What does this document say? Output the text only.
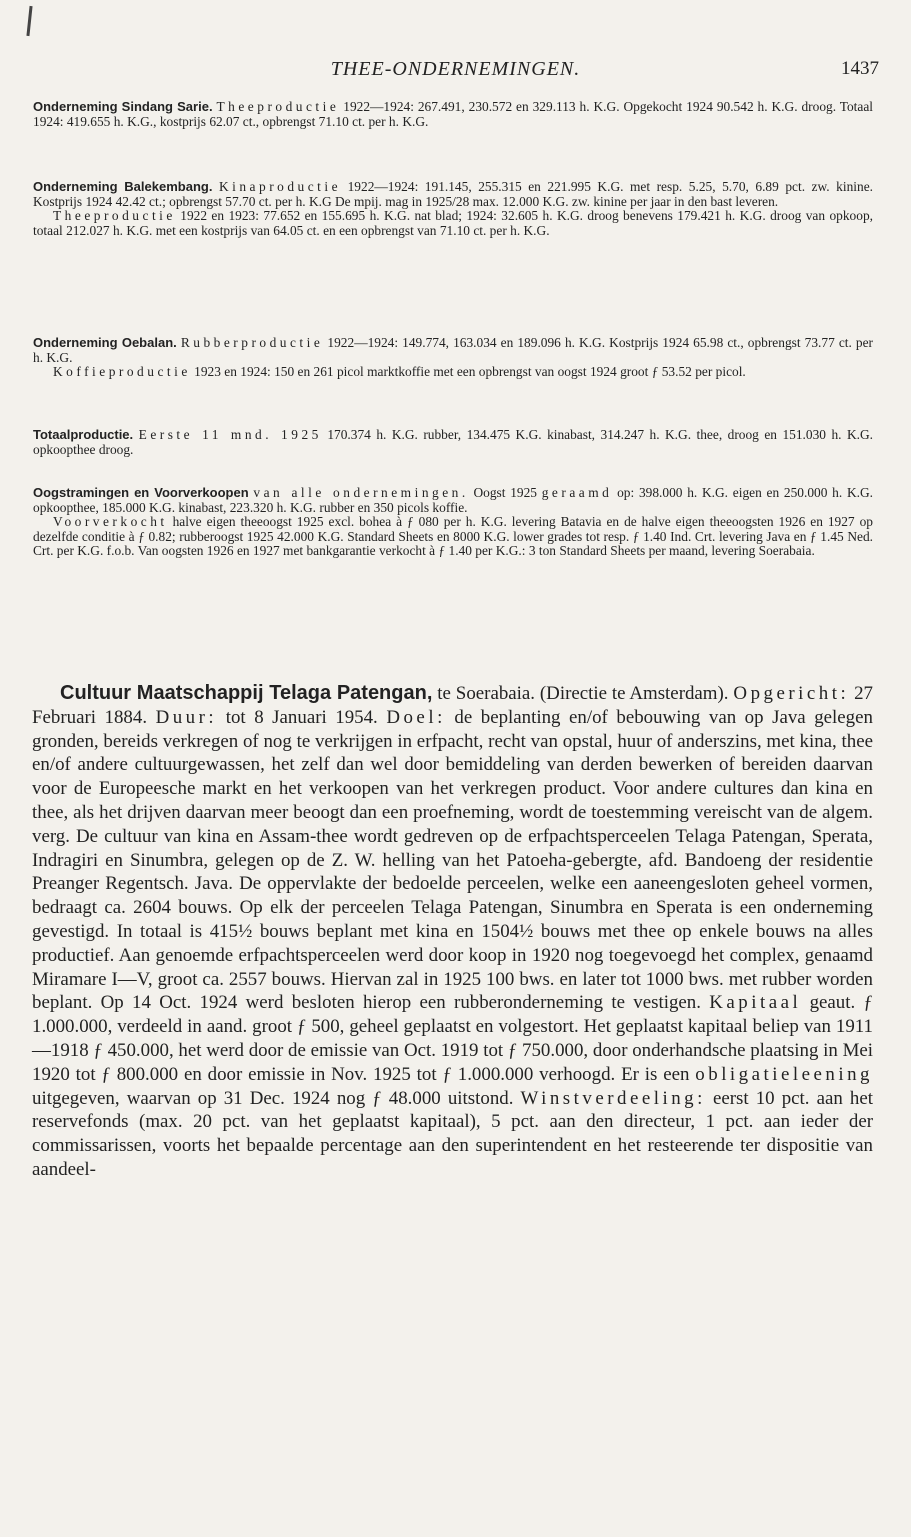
THEE-ONDERNEMINGEN.	1437

Onderneming Sindang Sarie. Theeproductie 1922—1924: 267.491, 230.572 en 329.113 h. K.G. Opgekocht 1924 90.542 h. K.G. droog. Totaal 1924: 419.655 h. K.G., kostprijs 62.07 ct., opbrengst 71.10 ct. per h. K.G.

Onderneming Balekembang. Kinaproductie 1922—1924: 191.145, 255.315 en 221.995 K.G. met resp. 5.25, 5.70, 6.89 pct. zw. kinine. Kostprijs 1924 42.42 ct.; opbrengst 57.70 ct. per h. K.G De mpij. mag in 1925/28 max. 12.000 K.G. zw. kinine per jaar in den bast leveren.

Theeproductie 1922 en 1923: 77.652 en 155.695 h. K.G. nat blad; 1924: 32.605 h. K.G. droog benevens 179.421 h. K.G. droog van opkoop, totaal 212.027 h. K.G. met een kostprijs van 64.05 ct. en een opbrengst van 71.10 ct. per h. K.G.

Onderneming Oebalan. Rubberproductie 1922—1924: 149.774, 163.034 en 189.096 h. K.G. Kostprijs 1924 65.98 ct., opbrengst 73.77 ct. per h. K.G.

Koffieproductie 1923 en 1924: 150 en 261 picol marktkoffie met een opbrengst van oogst 1924 groot ƒ 53.52 per picol.

Totaalproductie. Eerste 11 mnd. 1925 170.374 h. K.G. rubber, 134.475 K.G. kinabast, 314.247 h. K.G. thee, droog en 151.030 h. K.G. opkoopthee droog.

Oogstramingen en Voorverkoopen van alle ondernemingen. Oogst 1925 geraamd op: 398.000 h. K.G. eigen en 250.000 h. K.G. opkoopthee, 185.000 K.G. kinabast, 223.320 h. K.G. rubber en 350 picols koffie.

Voorverkocht halve eigen theeoogst 1925 excl. bohea à ƒ 080 per h. K.G. levering Batavia en de halve eigen theeoogsten 1926 en 1927 op dezelfde conditie à ƒ 0.82; rubberoogst 1925 42.000 K.G. Standard Sheets en 8000 K.G. lower grades tot resp. ƒ 1.40 Ind. Crt. levering Java en ƒ 1.45 Ned. Crt. per K.G. f.o.b. Van oogsten 1926 en 1927 met bankgarantie verkocht à ƒ 1.40 per K.G.: 3 ton Standard Sheets per maand, levering Soerabaia.

Cultuur Maatschappij Telaga Patengan, te Soerabaia. (Directie te Amsterdam). Opgericht: 27 Februari 1884. Duur: tot 8 Januari 1954. Doel: de beplanting en/of bebouwing van op Java gelegen gronden, bereids verkregen of nog te verkrijgen in erfpacht, recht van opstal, huur of anderszins, met kina, thee en/of andere cultuurgewassen, het zelf dan wel door bemiddeling van derden bewerken of bereiden daarvan voor de Europeesche markt en het verkoopen van het verkregen product. Voor andere cultures dan kina en thee, als het drijven daarvan meer beoogt dan een proefneming, wordt de toestemming vereischt van de algem. verg. De cultuur van kina en Assam-thee wordt gedreven op de erfpachtsperceelen Telaga Patengan, Sperata, Indragiri en Sinumbra, gelegen op de Z. W. helling van het Patoeha-gebergte, afd. Bandoeng der residentie Preanger Regentsch. Java. De oppervlakte der bedoelde perceelen, welke een aaneengesloten geheel vormen, bedraagt ca. 2604 bouws. Op elk der perceelen Telaga Patengan, Sinumbra en Sperata is een onderneming gevestigd. In totaal is 415½ bouws beplant met kina en 1504½ bouws met thee op enkele bouws na alles productief. Aan genoemde erfpachtsperceelen werd door koop in 1920 nog toegevoegd het complex, genaamd Miramare I—V, groot ca. 2557 bouws. Hiervan zal in 1925 100 bws. en later tot 1000 bws. met rubber worden beplant. Op 14 Oct. 1924 werd besloten hierop een rubberonderneming te vestigen. Kapitaal geaut. ƒ 1.000.000, verdeeld in aand. groot ƒ 500, geheel geplaatst en volgestort. Het geplaatst kapitaal beliep van 1911—1918 ƒ 450.000, het werd door de emissie van Oct. 1919 tot ƒ 750.000, door onderhandsche plaatsing in Mei 1920 tot ƒ 800.000 en door emissie in Nov. 1925 tot ƒ 1.000.000 verhoogd. Er is een obligatieleening uitgegeven, waarvan op 31 Dec. 1924 nog ƒ 48.000 uitstond. Winstverdeeling: eerst 10 pct. aan het reservefonds (max. 20 pct. van het geplaatst kapitaal), 5 pct. aan den directeur, 1 pct. aan ieder der commissarissen, voorts het bepaalde percentage aan den superintendent en het resteerende ter dispositie van aandeel-
